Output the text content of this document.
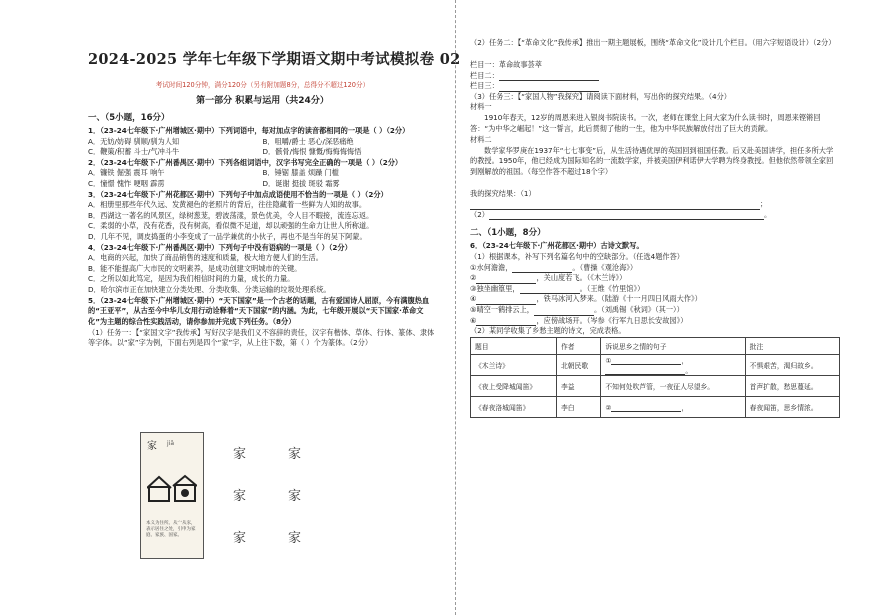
2024-2025 学年七年级下学期语文期中考试模拟卷 02
考试时间120分钟，满分120分（另有附加题8分，总得分不超过120分）
第一部分 积累与运用（共24分）
一、（5小题，16分）
1．（23-24七年级下·广州增城区·期中）下列词语中，每对加点字的读音都相同的一项是（ ）（2分）
A．无妨/妨碍 驯顺/驯为人知	B．咀嚼/爵士 恶心/深恶痛绝
C．鞭策/积蓄 斗士/气冲斗牛	D．骸骨/悔恨 慷慨/悔悔悔悔悟
2．（23-24七年级下·广州番禺区·期中）下列各组词语中，汉字书写完全正确的一项是（ ）（2分）
A．镰铁 倔强 震耳 响午	B．锤锯 膝盖 烦躁 门槛
C．憧憬 愧怍 哽咽 霹雳	D．诞谢 挺拔 斑驳 霜雾
3．（23-24七年级下·广州花都区·期中）下列句子中加点成语使用不恰当的一项是（ ）（2分）
A．相册里那些年代久远、发黄褪色的老照片的背后，往往隐藏着一些鲜为人知的故事。
B．西湖这一著名的风景区，绿树葱茏，碧波荡漾，景色优美，令人目不暇接，流连忘返。
C．柔弱的小草，没有花香，没有树高，看似微不足道，却以顽强的生命力让世人所称道。
D．几年不见，调皮捣蛋的小李变成了一品学兼优的小伙子，再也不是当年的吴下阿蒙。
4．（23-24七年级下·广州番禺区·期中）下列句子中没有语病的一项是（ ）（2分）
A．电商的兴起，加快了商品销售的速度和质量，极大地方便人们的生活。
B．能不能提高广大市民的文明素养，是成功创建文明城市的关键。
C．之所以如此笃定，是因为我们相信时间的力量，成长的力量。
D．哈尔滨市正在加快建立分类处理、分类收集、分类运输的垃圾处理系统。
5．（23-24七年级下·广州增城区·期中）“天下国家”是一个古老的话题，古有爱国诗人屈原，今有满腹热血的“王亚平”，从古至今中华儿女用行动诠释着“天下国家”的内涵。为此，七年级开展以“天下国家·革命文化”为主题的综合性实践活动，请你参加并完成下列任务。（8分）
（1）任务一：【“家国文字”我传承】写好汉字是我们义不容辞的责任，汉字有楷体、草体、行体、篆体、隶体等字体。以“家”字为例，下面右列是四个“家”字，从上往下数，第（ ）个为篆体。（2分）
家 jiā
本义为住所。从宀从豕，表示居住之处，引申为家庭、家族、国家。
家
家
家
家
家
家
（2）任务二：【“革命文化”我传承】推出一期主题展板，围绕“革命文化”设计几个栏目。（用六字短语设计）（2分）
栏目一：革命故事荟萃
栏目二：
栏目三：
（3）任务三：【“家国人物”我探究】请阅读下面材料，写出你的探究结果。（4分）
材料一
1910年春天，12岁的周恩来进入银岗书院读书。一次，老师在课堂上问大家为什么读书时，周恩来铿锵回答：“为中华之崛起！”这一誓言，此后贯彻了他的一生，他为中华民族解放付出了巨大的贡献。
材料二
数学家华罗庚在1937年“七七事变”后，从生活待遇优厚的英国回到祖国任教。后又赴美国讲学，担任多所大学的教授。1950年，他已经成为国际知名的一流数学家，并被美国伊利诺伊大学聘为终身教授。但他依然带领全家回到刚解放的祖国。（每空作答不超过18个字）
我的探究结果：（1）
；
（2）	。
二、（1小题，8分）
6．（23-24七年级下·广州花都区·期中）古诗文默写。
（1）根据课本，补写下列名篇名句中的空缺部分。（任选4题作答）
①水何澹澹，	。（曹操《观沧海》）
②	，关山度若飞。（《木兰诗》）
③独坐幽篁里，	。（王维《竹里馆》）
④	，铁马冰河入梦来。（陆游《十一月四日风雨大作》）
⑤晴空一鹤排云上，	。（刘禹锡《秋词》（其一））
⑥	，应傍战场开。（岑参《行军九日思长安故园》）
（2）某同学收集了乡愁主题的诗文，完成表格。
题目	作者	诉说思乡之情的句子	批注
《木兰诗》	北朝民歌	① ，
。	不惧艰苦，渴归故乡。
《夜上受降城闻笛》	李益	不知何处吹芦管，一夜征人尽望乡。	首声扩散，愁思蔓延。
《春夜洛城闻笛》	李白	② ，	春夜闻笛，思乡情浓。
